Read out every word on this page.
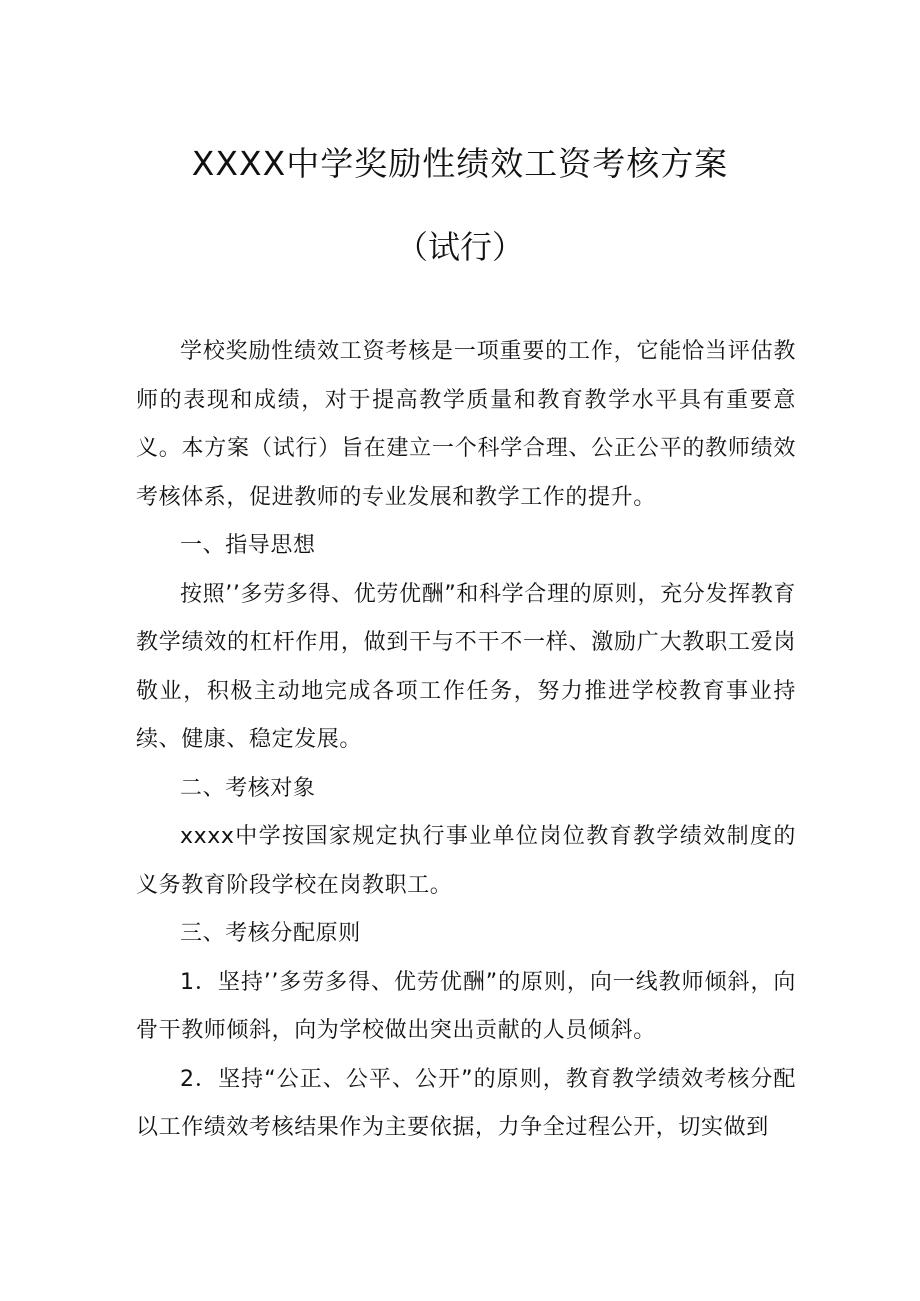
XXXX中学奖励性绩效工资考核方案
（试行）

学校奖励性绩效工资考核是一项重要的工作，它能恰当评估教师的表现和成绩，对于提高教学质量和教育教学水平具有重要意义。本方案（试行）旨在建立一个科学合理、公正公平的教师绩效考核体系，促进教师的专业发展和教学工作的提升。

一、指导思想

按照’’多劳多得、优劳优酬”和科学合理的原则，充分发挥教育教学绩效的杠杆作用，做到干与不干不一样、激励广大教职工爱岗敬业，积极主动地完成各项工作任务，努力推进学校教育事业持续、健康、稳定发展。

二、考核对象

xxxx中学按国家规定执行事业单位岗位教育教学绩效制度的义务教育阶段学校在岗教职工。

三、考核分配原则

1．坚持’’多劳多得、优劳优酬”的原则，向一线教师倾斜，向骨干教师倾斜，向为学校做出突出贡献的人员倾斜。

2．坚持“公正、公平、公开”的原则，教育教学绩效考核分配以工作绩效考核结果作为主要依据，力争全过程公开，切实做到
